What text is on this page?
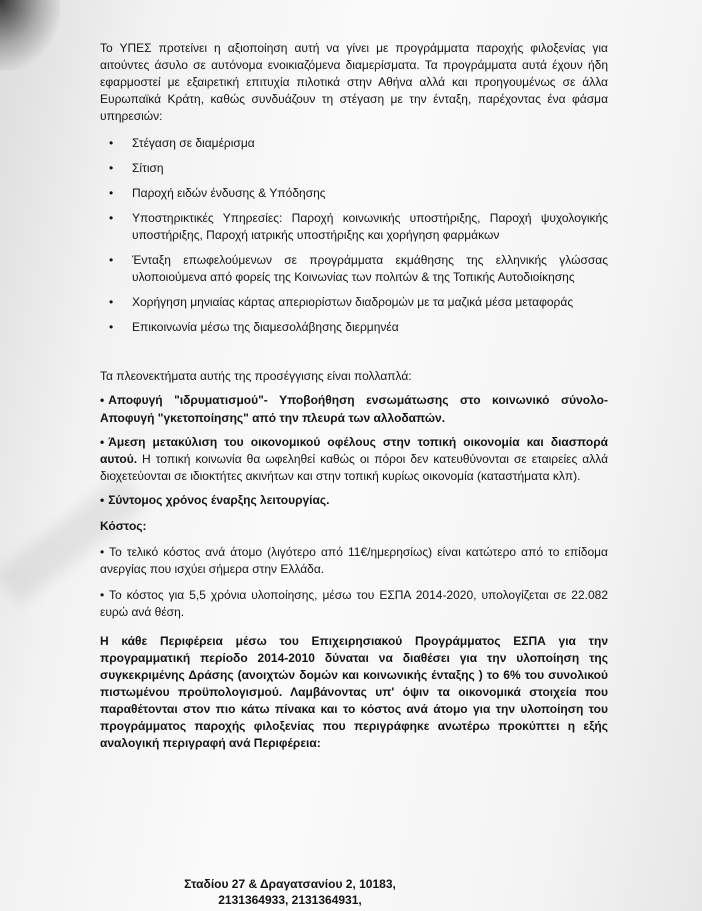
Το ΥΠΕΣ προτείνει η αξιοποίηση αυτή να γίνει με προγράμματα παροχής φιλοξενίας για αιτούντες άσυλο σε αυτόνομα ενοικιαζόμενα διαμερίσματα. Τα προγράμματα αυτά έχουν ήδη εφαρμοστεί με εξαιρετική επιτυχία πιλοτικά στην Αθήνα αλλά και προηγουμένως σε άλλα Ευρωπαϊκά Κράτη, καθώς συνδυάζουν τη στέγαση με την ένταξη, παρέχοντας ένα φάσμα υπηρεσιών:

• Στέγαση σε διαμέρισμα
• Σίτιση
• Παροχή ειδών ένδυσης & Υπόδησης
• Υποστηρικτικές Υπηρεσίες: Παροχή κοινωνικής υποστήριξης, Παροχή ψυχολογικής υποστήριξης, Παροχή ιατρικής υποστήριξης και χορήγηση φαρμάκων
• Ένταξη επωφελούμενων σε προγράμματα εκμάθησης της ελληνικής γλώσσας υλοποιούμενα από φορείς της Κοινωνίας των πολιτών & της Τοπικής Αυτοδιοίκησης
• Χορήγηση μηνιαίας κάρτας απεριορίστων διαδρομών με τα μαζικά μέσα μεταφοράς
• Επικοινωνία μέσω της διαμεσολάβησης διερμηνέα

Τα πλεονεκτήματα αυτής της προσέγγισης είναι πολλαπλά:

• Αποφυγή "ιδρυματισμού"- Υποβοήθηση ενσωμάτωσης στο κοινωνικό σύνολο- Αποφυγή "γκετοποίησης" από την πλευρά των αλλοδαπών.

• Άμεση μετακύλιση του οικονομικού οφέλους στην τοπική οικονομία και διασπορά αυτού. Η τοπική κοινωνία θα ωφεληθεί καθώς οι πόροι δεν κατευθύνονται σε εταιρείες αλλά διοχετεύονται σε ιδιοκτήτες ακινήτων και στην τοπική κυρίως οικονομία (καταστήματα κλπ).

• Σύντομος χρόνος έναρξης λειτουργίας.

Κόστος:

• Το τελικό κόστος ανά άτομο (λιγότερο από 11€/ημερησίως) είναι κατώτερο από το επίδομα ανεργίας που ισχύει σήμερα στην Ελλάδα.

• Το κόστος για 5,5 χρόνια υλοποίησης, μέσω του ΕΣΠΑ 2014-2020, υπολογίζεται σε 22.082 ευρώ ανά θέση.

Η κάθε Περιφέρεια μέσω του Επιχειρησιακού Προγράμματος ΕΣΠΑ για την προγραμματική περίοδο 2014-2010 δύναται να διαθέσει για την υλοποίηση της συγκεκριμένης Δράσης (ανοιχτών δομών και κοινωνικής ένταξης ) το 6% του συνολικού πιστωμένου προϋπολογισμού. Λαμβάνοντας υπ' όψιν τα οικονομικά στοιχεία που παραθέτονται στον πιο κάτω πίνακα και το κόστος ανά άτομο για την υλοποίηση του προγράμματος παροχής φιλοξενίας που περιγράφηκε ανωτέρω προκύπτει η εξής αναλογική περιγραφή ανά Περιφέρεια:

Σταδίου 27 & Δραγατσανίου 2, 10183,
2131364933, 2131364931,
